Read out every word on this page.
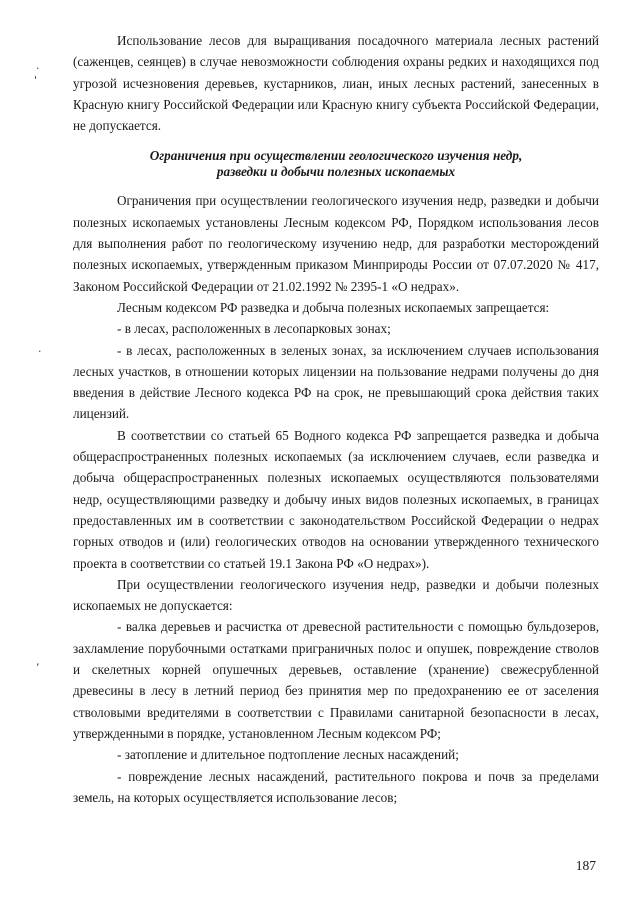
Использование лесов для выращивания посадочного материала лесных растений (саженцев, сеянцев) в случае невозможности соблюдения охраны редких и находящихся под угрозой исчезновения деревьев, кустарников, лиан, иных лесных растений, занесенных в Красную книгу Российской Федерации или Красную книгу субъекта Российской Федерации, не допускается.

Ограничения при осуществлении геологического изучения недр,
разведки и добычи полезных ископаемых

Ограничения при осуществлении геологического изучения недр, разведки и добычи полезных ископаемых установлены Лесным кодексом РФ, Порядком использования лесов для выполнения работ по геологическому изучению недр, для разработки месторождений полезных ископаемых, утвержденным приказом Минприроды России от 07.07.2020 № 417, Законом Российской Федерации от 21.02.1992 № 2395-1 «О недрах».

Лесным кодексом РФ разведка и добыча полезных ископаемых запрещается:

- в лесах, расположенных в лесопарковых зонах;

- в лесах, расположенных в зеленых зонах, за исключением случаев использования лесных участков, в отношении которых лицензии на пользование недрами получены до дня введения в действие Лесного кодекса РФ на срок, не превышающий срока действия таких лицензий.

В соответствии со статьей 65 Водного кодекса РФ запрещается разведка и добыча общераспространенных полезных ископаемых (за исключением случаев, если разведка и добыча общераспространенных полезных ископаемых осуществляются пользователями недр, осуществляющими разведку и добычу иных видов полезных ископаемых, в границах предоставленных им в соответствии с законодательством Российской Федерации о недрах горных отводов и (или) геологических отводов на основании утвержденного технического проекта в соответствии со статьей 19.1 Закона РФ «О недрах»).

При осуществлении геологического изучения недр, разведки и добычи полезных ископаемых не допускается:

- валка деревьев и расчистка от древесной растительности с помощью бульдозеров, захламление порубочными остатками приграничных полос и опушек, повреждение стволов и скелетных корней опушечных деревьев, оставление (хранение) свежесрубленной древесины в лесу в летний период без принятия мер по предохранению ее от заселения стволовыми вредителями в соответствии с Правилами санитарной безопасности в лесах, утвержденными в порядке, установленном Лесным кодексом РФ;

- затопление и длительное подтопление лесных насаждений;

- повреждение лесных насаждений, растительного покрова и почв за пределами земель, на которых осуществляется использование лесов;

187
·
'
·
,
